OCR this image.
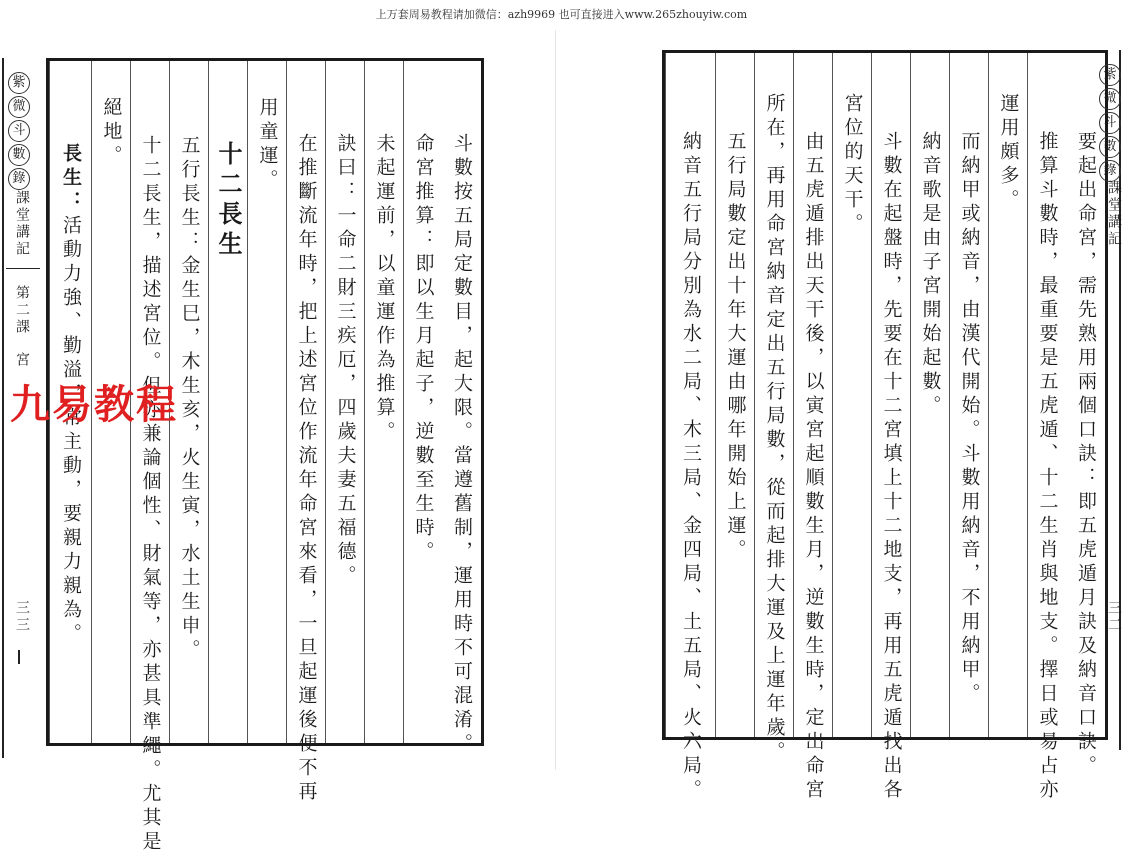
上万套周易教程请加微信：azh9969 也可直接进入www.265zhouyiw.com
紫
微
斗
數
錄
課堂講記
第二課
宮
三三	斗數按五局定數目，起大限。當遵舊制，運用時不可混淆。
命宮推算：即以生月起子，逆數至生時。
未起運前，以童運作為推算。
訣曰：一命二財三疾厄，四歲夫妻五福德。
在推斷流年時，把上述宮位作流年命宮來看，一旦起運後便不再
用童運。
十二長生
五行長生：金生巳，木生亥，火生寅，水土生申。
十二長生，描述宮位。但亦兼論個性、財氣等，亦甚具準繩。尤其是
絕地。
長生：活動力強、勤溢，常主動，要親力親為。
九易教程	要起出命宮，需先熟用兩個口訣：即五虎遁月訣及納音口訣。
推算斗數時，最重要是五虎遁、十二生肖與地支。擇日或易占亦
運用頗多。
而納甲或納音，由漢代開始。斗數用納音，不用納甲。
納音歌是由子宮開始起數。
斗數在起盤時，先要在十二宮填上十二地支，再用五虎遁找出各
宮位的天干。
由五虎遁排出天干後，以寅宮起順數生月，逆數生時，定出命宮
所在，再用命宮納音定出五行局數，從而起排大運及上運年歲。
五行局數定出十年大運由哪年開始上運。
納音五行局分別為水二局、木三局、金四局、土五局、火六局。
紫
微
斗
數
錄
課堂講記
三二
